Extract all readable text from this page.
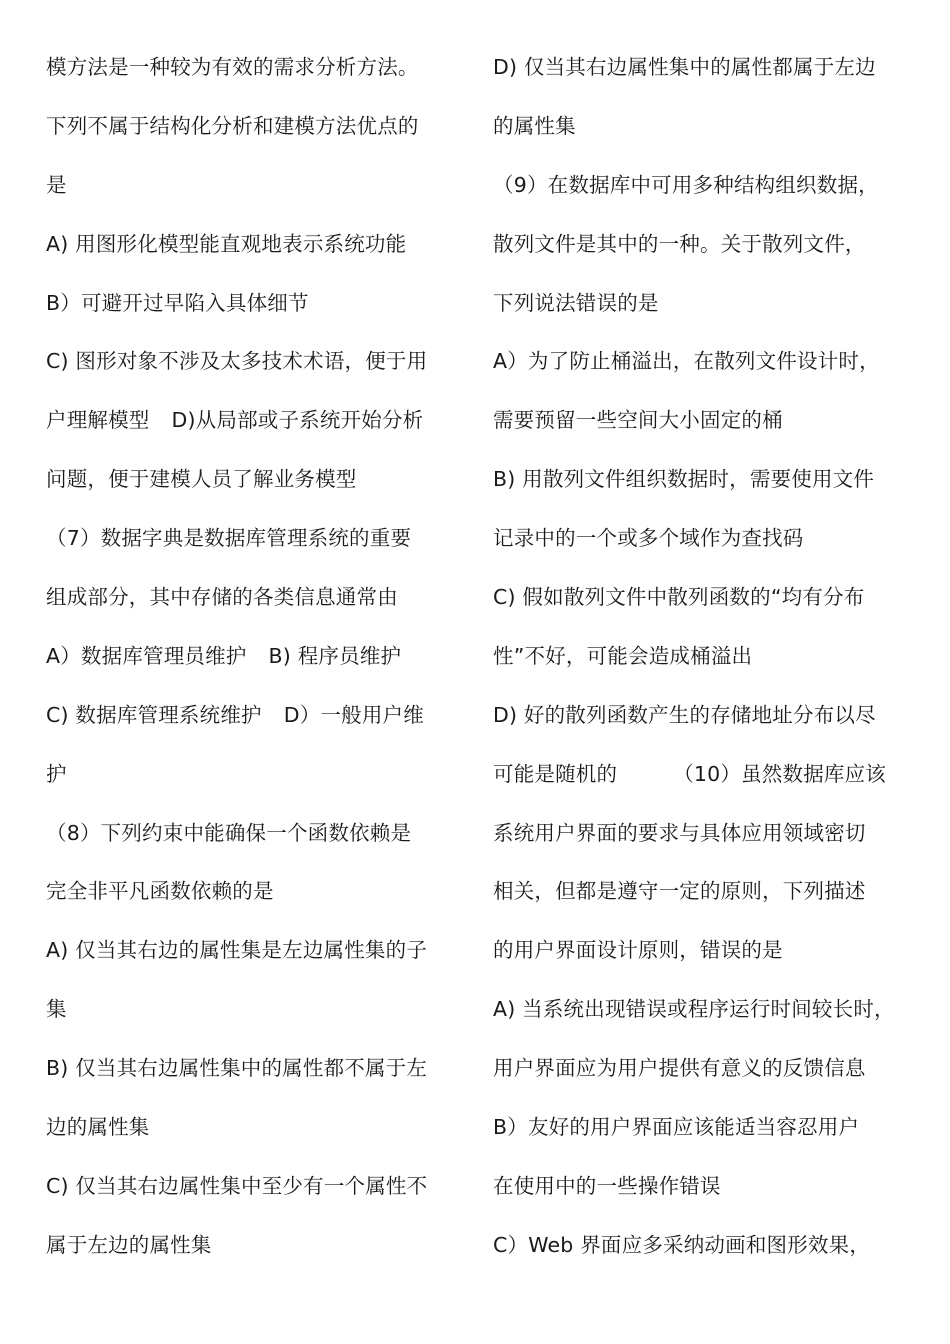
模方法是一种较为有效的需求分析方法。
下列不属于结构化分析和建模方法优点的
是
A) 用图形化模型能直观地表示系统功能
B）可避开过早陷入具体细节
C) 图形对象不涉及太多技术术语，便于用
户理解模型 D)从局部或子系统开始分析
问题，便于建模人员了解业务模型
（7）数据字典是数据库管理系统的重要
组成部分，其中存储的各类信息通常由
A）数据库管理员维护 B) 程序员维护
C) 数据库管理系统维护 D）一般用户维
护
（8）下列约束中能确保一个函数依赖是
完全非平凡函数依赖的是
A) 仅当其右边的属性集是左边属性集的子
集
B) 仅当其右边属性集中的属性都不属于左
边的属性集
C) 仅当其右边属性集中至少有一个属性不
属于左边的属性集
D) 仅当其右边属性集中的属性都属于左边
的属性集
（9）在数据库中可用多种结构组织数据，
散列文件是其中的一种。关于散列文件，
下列说法错误的是
A）为了防止桶溢出，在散列文件设计时，
需要预留一些空间大小固定的桶
B) 用散列文件组织数据时，需要使用文件
记录中的一个或多个域作为查找码
C) 假如散列文件中散列函数的“均有分布
性”不好，可能会造成桶溢出
D) 好的散列函数产生的存储地址分布以尽
可能是随机的	（10）虽然数据库应该
系统用户界面的要求与具体应用领域密切
相关，但都是遵守一定的原则，下列描述
的用户界面设计原则，错误的是
A) 当系统出现错误或程序运行时间较长时，
用户界面应为用户提供有意义的反馈信息
B）友好的用户界面应该能适当容忍用户
在使用中的一些操作错误
C）Web 界面应多采纳动画和图形效果，
